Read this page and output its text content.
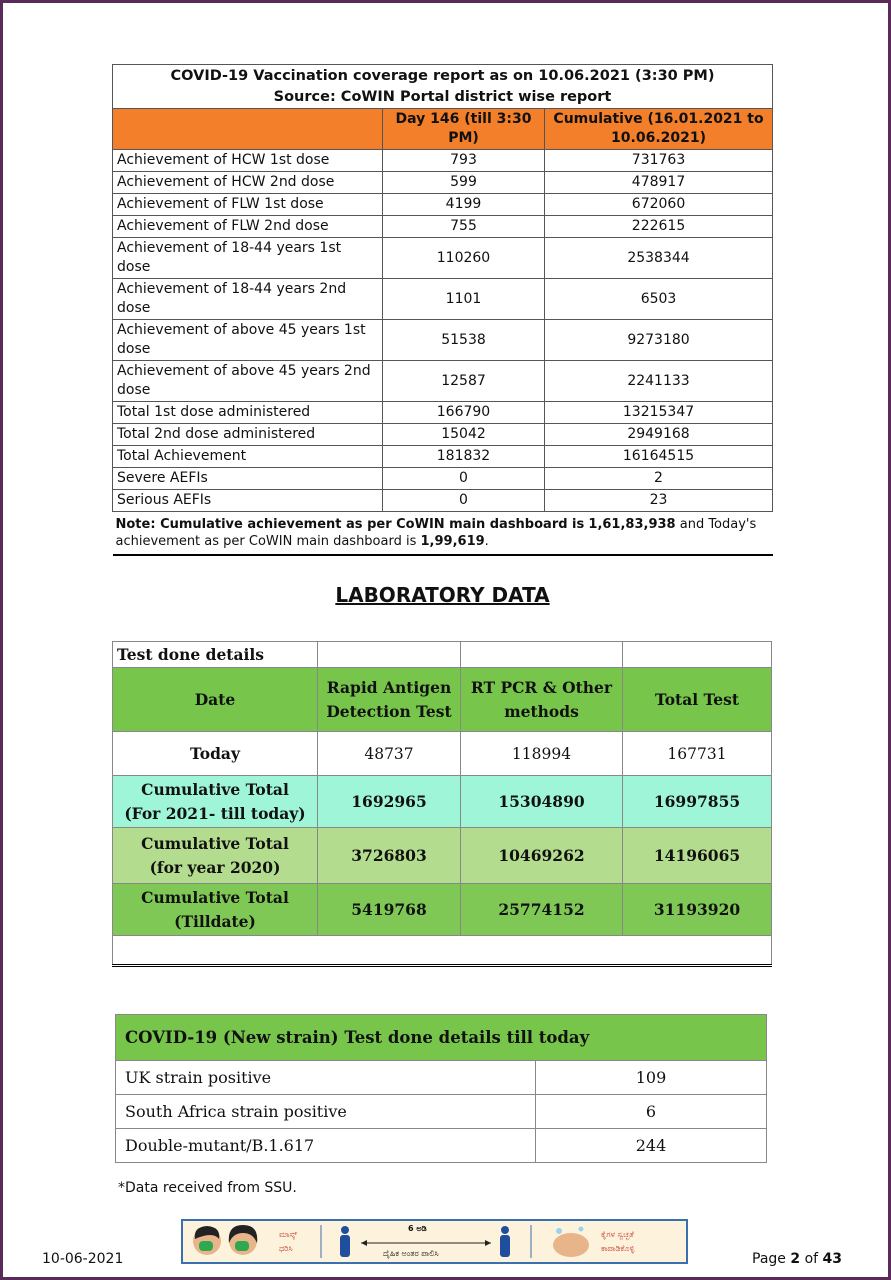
COVID-19 Vaccination coverage report as on 10.06.2021 (3:30 PM)		
Source: CoWIN Portal district wise report		
	Day 146 (till 3:30 PM)	Cumulative (16.01.2021 to 10.06.2021)
Achievement of HCW 1st dose	793	731763
Achievement of HCW 2nd dose	599	478917
Achievement of FLW 1st dose	4199	672060
Achievement of FLW 2nd dose	755	222615
Achievement of 18-44 years 1st dose	110260	2538344
Achievement of 18-44 years 2nd dose	1101	6503
Achievement of above 45 years 1st dose	51538	9273180
Achievement of above 45 years 2nd dose	12587	2241133
Total 1st dose administered	166790	13215347
Total 2nd dose administered	15042	2949168
Total Achievement	181832	16164515
Severe AEFIs	0	2
Serious AEFIs	0	23
Note: Cumulative achievement as per CoWIN main dashboard is 1,61,83,938 and Today's achievement as per CoWIN main dashboard is 1,99,619.		
LABORATORY DATA
Test done details			
Date	Rapid Antigen Detection Test	RT PCR & Other methods	Total Test
Today	48737	118994	167731
Cumulative Total
(For 2021- till today)	1692965	15304890	16997855
Cumulative Total
(for year 2020)	3726803	10469262	14196065
Cumulative Total
(Tilldate)	5419768	25774152	31193920

COVID-19 (New strain) Test done details till today	
UK strain positive	109
South Africa strain positive	6
Double-mutant/B.1.617	244
*Data received from SSU.
10-06-2021
ಮಾಸ್ಕ್
ಧರಿಸಿ
ಕೈಗಳ ಸ್ವಚ್ಛತೆ
ಕಾಪಾಡಿಕೊಳ್ಳಿ
6 ಅಡಿ
ದೈಹಿಕ ಅಂತರ ಪಾಲಿಸಿ	Page 2 of 43
